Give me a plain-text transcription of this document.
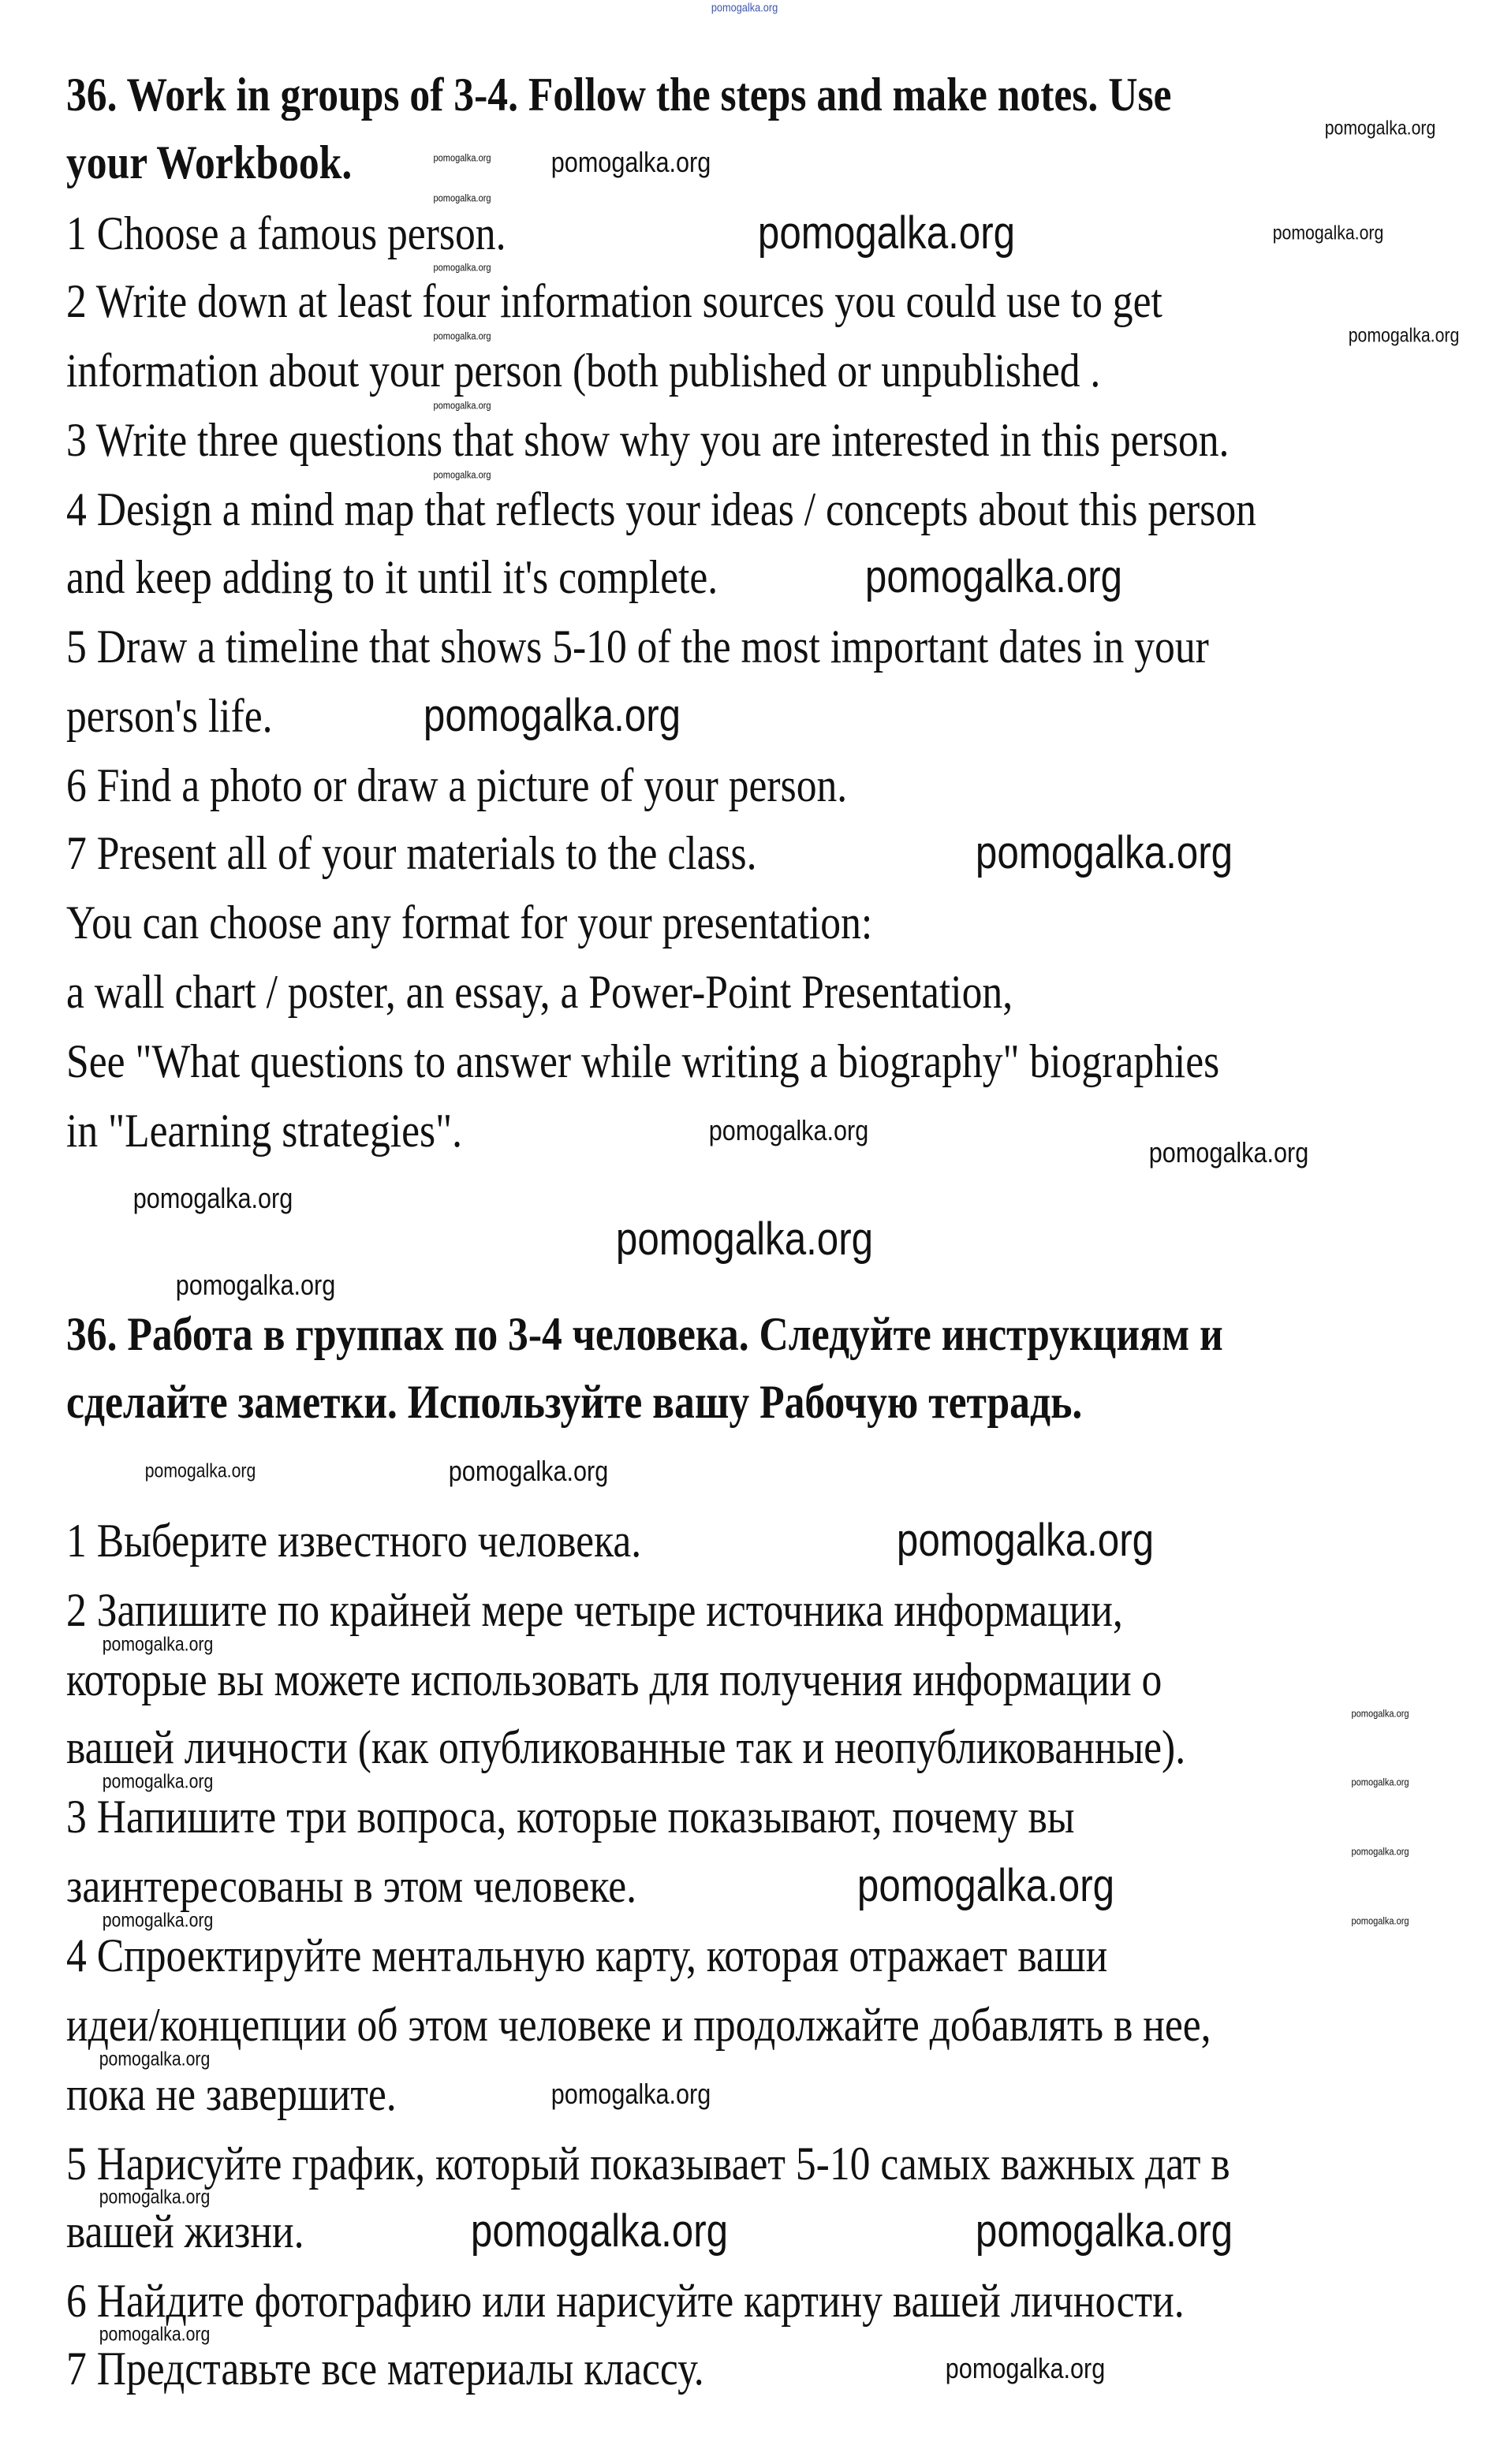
36. Work in groups of 3-4. Follow the steps and make notes. Use
your Workbook.
1 Choose a famous person.
2 Write down at least four information sources you could use to get
information about your person (both published or unpublished .
3 Write three questions that show why you are interested in this person.
4 Design a mind map that reflects your ideas / concepts about this person
and keep adding to it until it's complete.
5 Draw a timeline that shows 5-10 of the most important dates in your
person's life.
6 Find a photo or draw a picture of your person.
7 Present all of your materials to the class.
You can choose any format for your presentation:
a wall chart / poster, an essay, a Power-Point Presentation,
See "What questions to answer while writing a biography" biographies
in "Learning strategies".
36. Работа в группах по 3-4 человека. Следуйте инструкциям и
сделайте заметки. Используйте вашу Рабочую тетрадь.
1 Выберите известного человека.
2 Запишите по крайней мере четыре источника информации,
которые вы можете использовать для получения информации о
вашей личности (как опубликованные так и неопубликованные).
3 Напишите три вопроса, которые показывают, почему вы
заинтересованы в этом человеке.
4 Спроектируйте ментальную карту, которая отражает ваши
идеи/концепции об этом человеке и продолжайте добавлять в нее,
пока не завершите.
5 Нарисуйте график, который показывает 5-10 самых важных дат в
вашей жизни.
6 Найдите фотографию или нарисуйте картину вашей личности.
7 Представьте все материалы классу.
pomogalka.org
pomogalka.org
pomogalka.org
pomogalka.org
pomogalka.org
pomogalka.org
pomogalka.org
pomogalka.org
pomogalka.org	pomogalka.org
pomogalka.org
pomogalka.org
pomogalka.org
pomogalka.org
pomogalka.org
pomogalka.org
pomogalka.org
pomogalka.org
pomogalka.org
pomogalka.org
pomogalka.org
pomogalka.org
pomogalka.org
pomogalka.org
pomogalka.org
pomogalka.org
pomogalka.org
pomogalka.org
pomogalka.org
pomogalka.org
pomogalka.org
pomogalka.org
pomogalka.org
pomogalka.org
pomogalka.org
pomogalka.org
pomogalka.org
pomogalka.org
